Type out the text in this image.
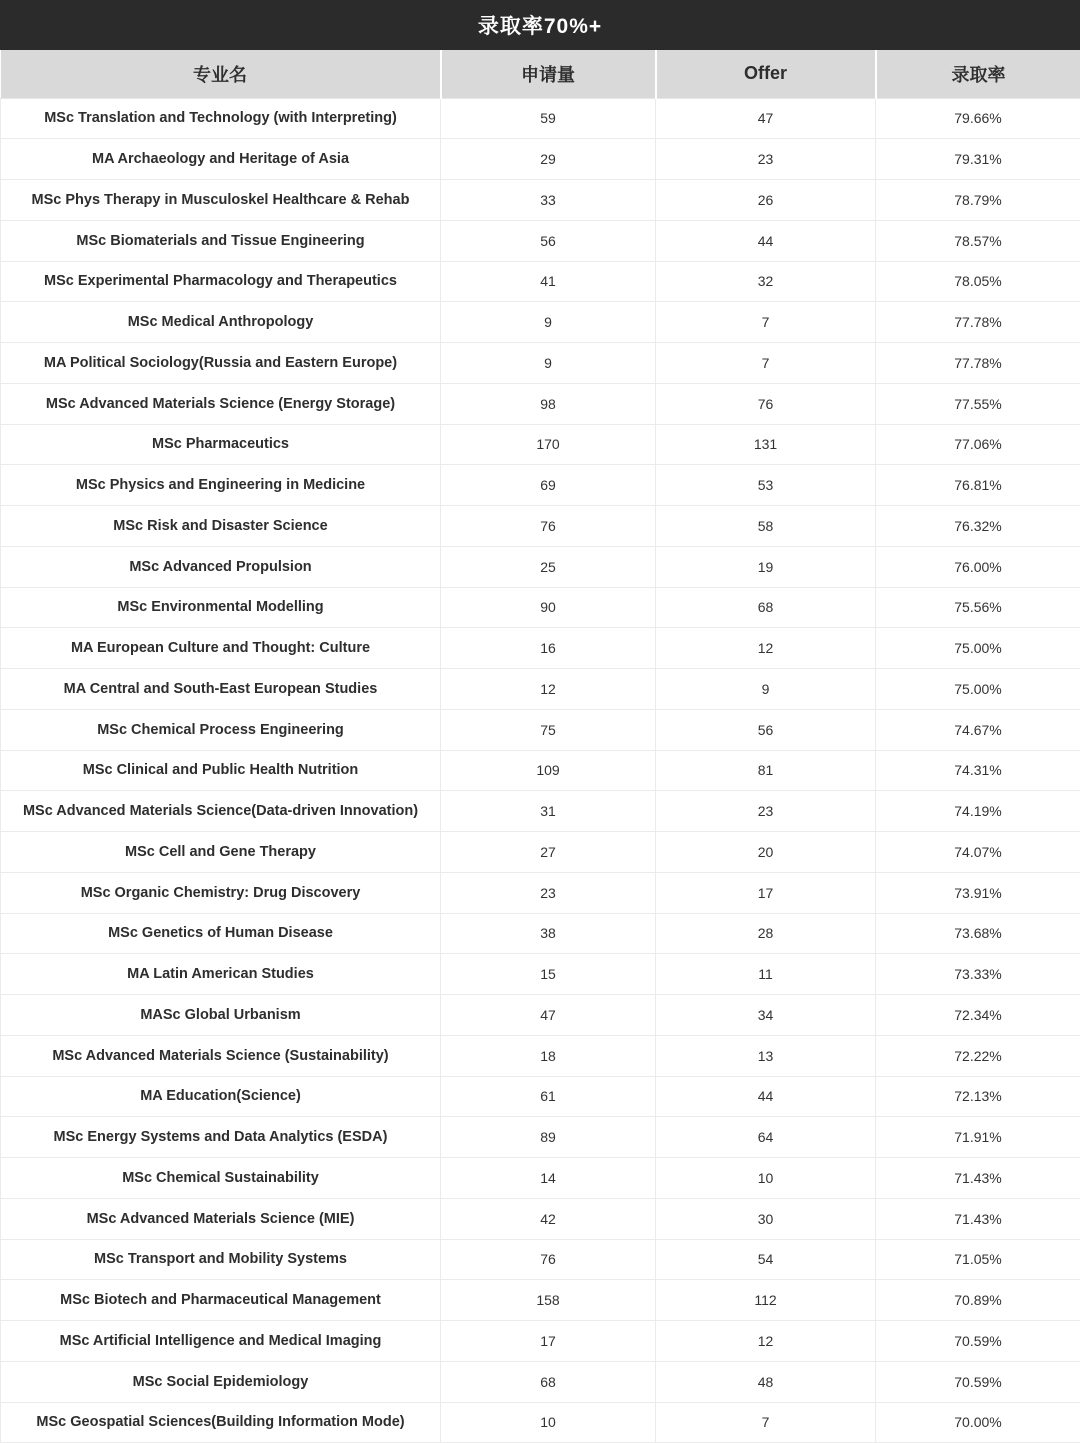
录取率70%+
专业名	申请量	Offer	录取率
MSc Translation and Technology (with Interpreting)	59	47	79.66%
MA Archaeology and Heritage of Asia	29	23	79.31%
MSc Phys Therapy in Musculoskel Healthcare & Rehab	33	26	78.79%
MSc Biomaterials and Tissue Engineering	56	44	78.57%
MSc Experimental Pharmacology and Therapeutics	41	32	78.05%
MSc Medical Anthropology	9	7	77.78%
MA Political Sociology(Russia and Eastern Europe)	9	7	77.78%
MSc Advanced Materials Science (Energy Storage)	98	76	77.55%
MSc Pharmaceutics	170	131	77.06%
MSc Physics and Engineering in Medicine	69	53	76.81%
MSc Risk and Disaster Science	76	58	76.32%
MSc Advanced Propulsion	25	19	76.00%
MSc Environmental Modelling	90	68	75.56%
MA European Culture and Thought: Culture	16	12	75.00%
MA Central and South-East European Studies	12	9	75.00%
MSc Chemical Process Engineering	75	56	74.67%
MSc Clinical and Public Health Nutrition	109	81	74.31%
MSc Advanced Materials Science(Data-driven Innovation)	31	23	74.19%
MSc Cell and Gene Therapy	27	20	74.07%
MSc Organic Chemistry: Drug Discovery	23	17	73.91%
MSc Genetics of Human Disease	38	28	73.68%
MA Latin American Studies	15	11	73.33%
MASc Global Urbanism	47	34	72.34%
MSc Advanced Materials Science (Sustainability)	18	13	72.22%
MA Education(Science)	61	44	72.13%
MSc Energy Systems and Data Analytics (ESDA)	89	64	71.91%
MSc Chemical Sustainability	14	10	71.43%
MSc Advanced Materials Science (MIE)	42	30	71.43%
MSc Transport and Mobility Systems	76	54	71.05%
MSc Biotech and Pharmaceutical Management	158	112	70.89%
MSc Artificial Intelligence and Medical Imaging	17	12	70.59%
MSc Social Epidemiology	68	48	70.59%
MSc Geospatial Sciences(Building Information Mode)	10	7	70.00%
